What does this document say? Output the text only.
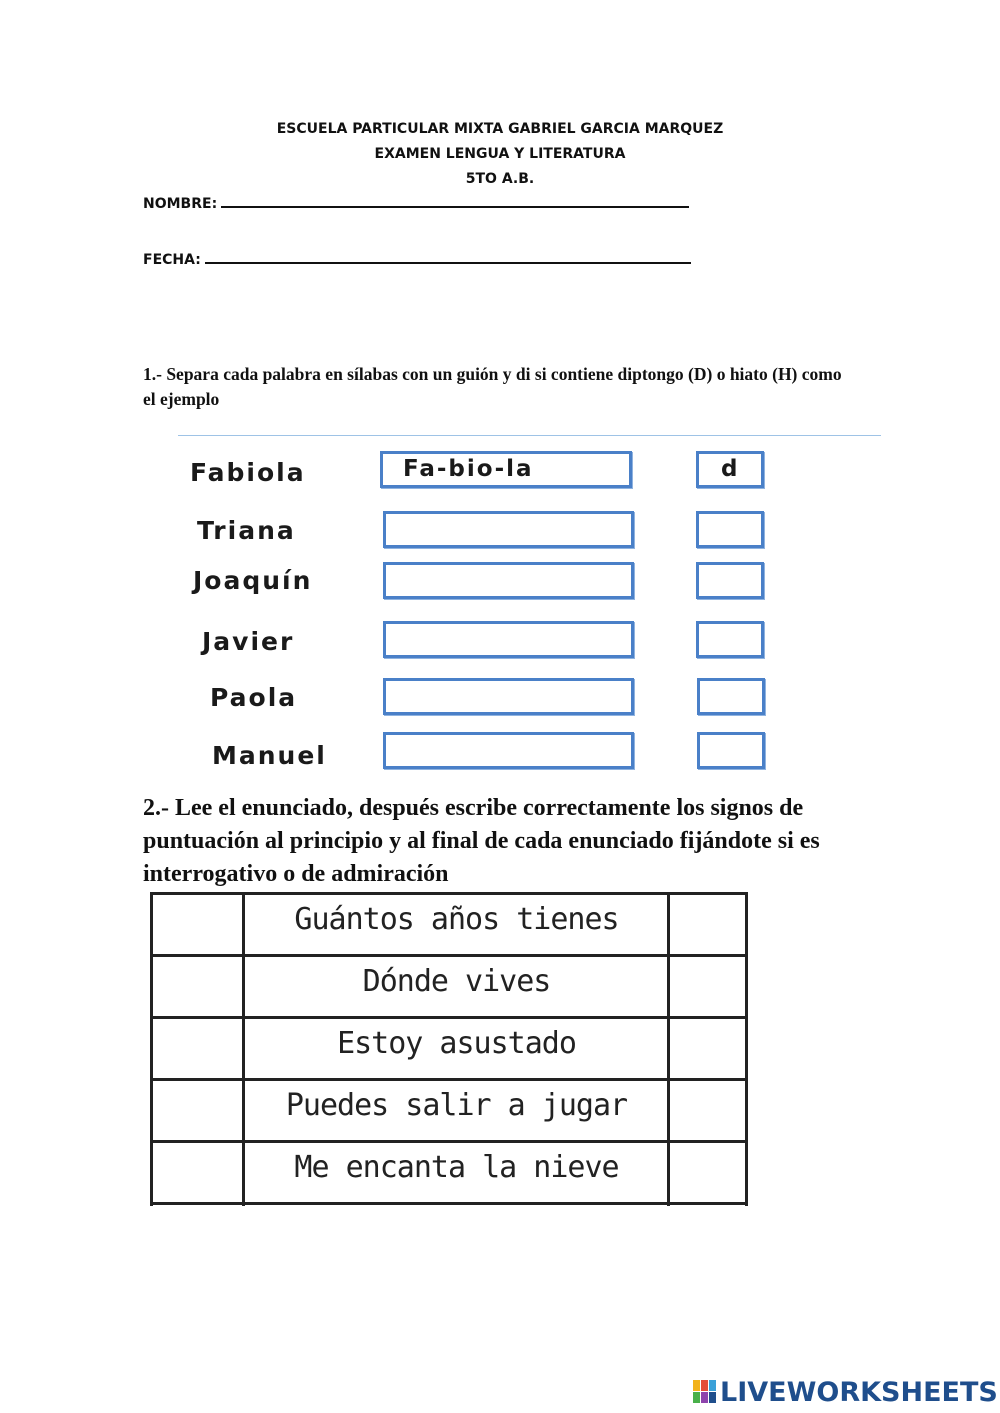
ESCUELA PARTICULAR MIXTA GABRIEL GARCIA MARQUEZ
EXAMEN LENGUA Y LITERATURA
5TO A.B.
NOMBRE:
FECHA:
1.- Separa cada palabra en sílabas con un guión y di si contiene diptongo (D) o hiato (H) como el ejemplo
Fabiola	Fa-bio-la	d
Triana
Joaquín
Javier
Paola
Manuel
2.- Lee el enunciado, después escribe correctamente los signos de puntuación al principio y al final de cada enunciado fijándote si es interrogativo o de admiración
Guántos años tienes
Dónde vives
Estoy asustado
Puedes salir a jugar
Me encanta la nieve
LIVEWORKSHEETS
